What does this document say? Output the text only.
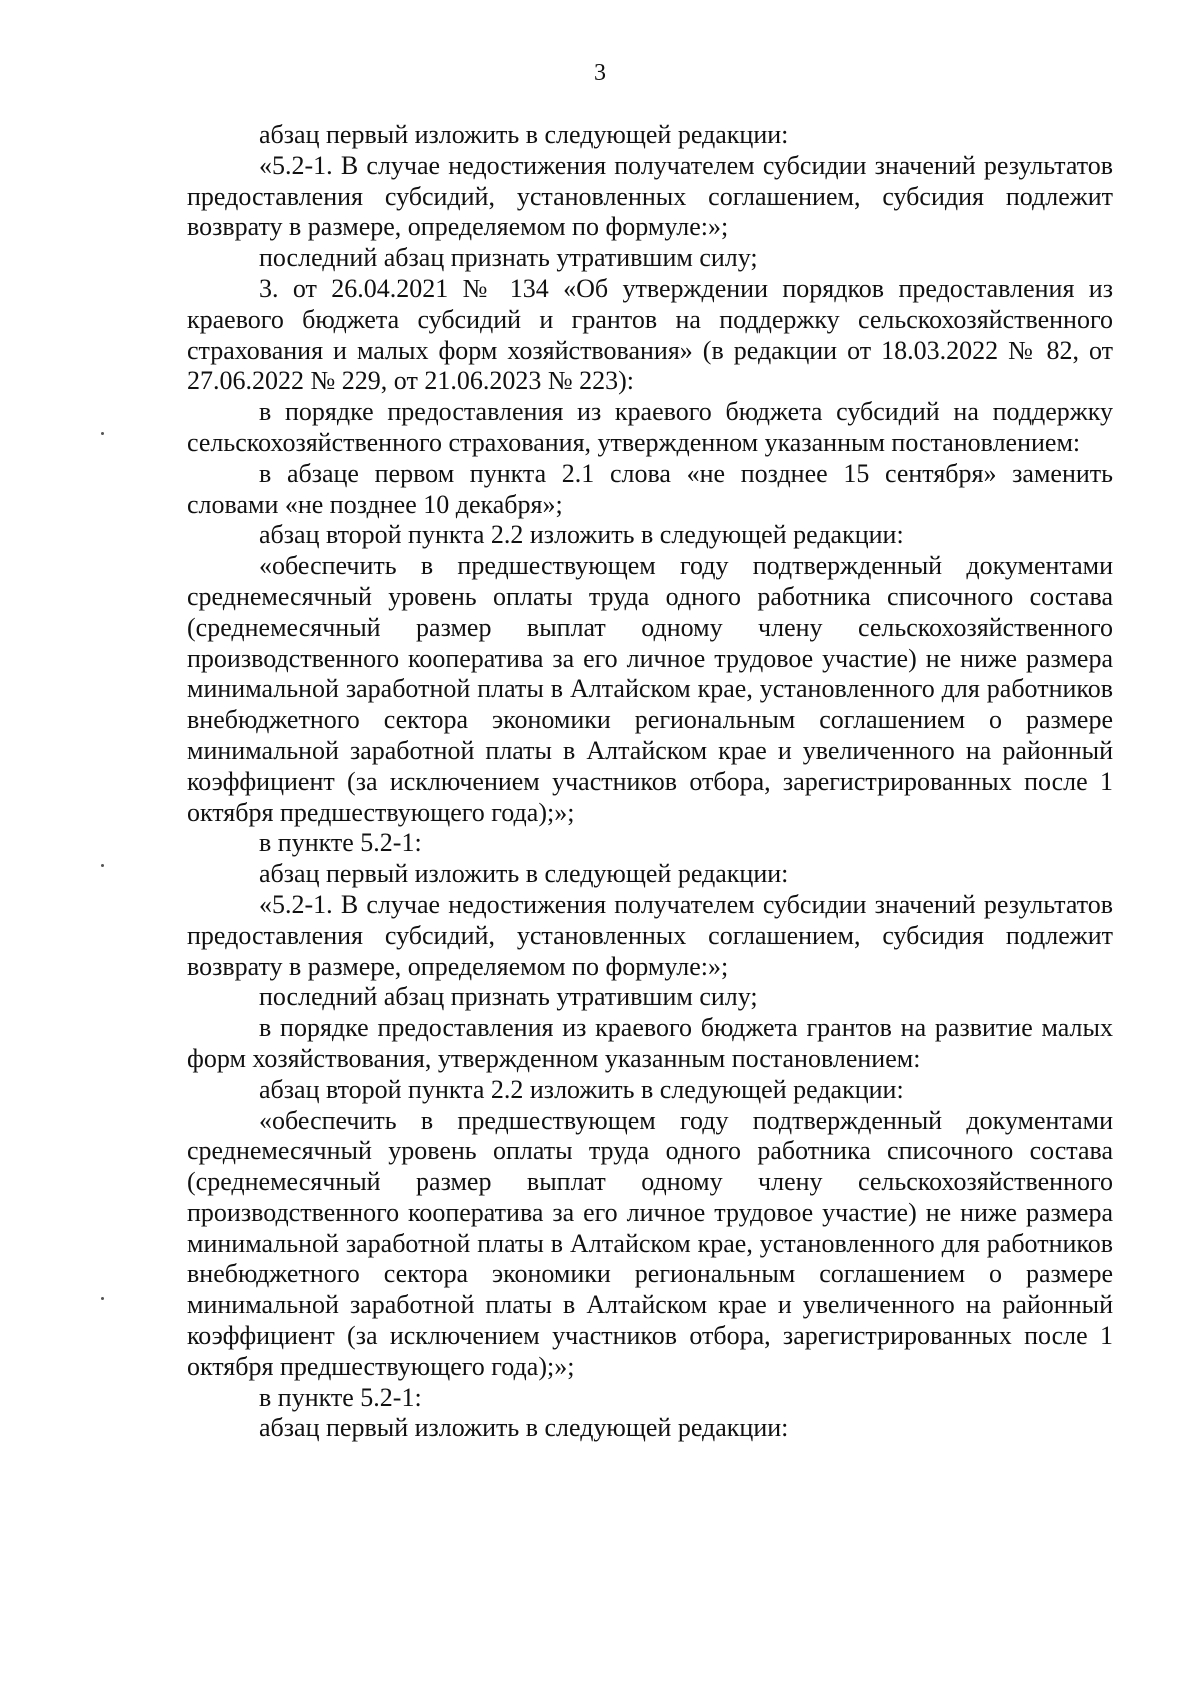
3

абзац первый изложить в следующей редакции:

«5.2-1. В случае недостижения получателем субсидии значений результатов предоставления субсидий, установленных соглашением, субсидия подлежит возврату в размере, определяемом по формуле:»;

последний абзац признать утратившим силу;

3. от 26.04.2021 № 134 «Об утверждении порядков предоставления из краевого бюджета субсидий и грантов на поддержку сельскохозяйственного страхования и малых форм хозяйствования» (в редакции от 18.03.2022 № 82, от 27.06.2022 № 229, от 21.06.2023 № 223):

в порядке предоставления из краевого бюджета субсидий на поддержку сельскохозяйственного страхования, утвержденном указанным постановлением:

в абзаце первом пункта 2.1 слова «не позднее 15 сентября» заменить словами «не позднее 10 декабря»;

абзац второй пункта 2.2 изложить в следующей редакции:

«обеспечить в предшествующем году подтвержденный документами среднемесячный уровень оплаты труда одного работника списочного состава (среднемесячный размер выплат одному члену сельскохозяйственного производственного кооператива за его личное трудовое участие) не ниже размера минимальной заработной платы в Алтайском крае, установленного для работников внебюджетного сектора экономики региональным соглашением о размере минимальной заработной платы в Алтайском крае и увеличенного на районный коэффициент (за исключением участников отбора, зарегистрированных после 1 октября предшествующего года);»;

в пункте 5.2-1:

абзац первый изложить в следующей редакции:

«5.2-1. В случае недостижения получателем субсидии значений результатов предоставления субсидий, установленных соглашением, субсидия подлежит возврату в размере, определяемом по формуле:»;

последний абзац признать утратившим силу;

в порядке предоставления из краевого бюджета грантов на развитие малых форм хозяйствования, утвержденном указанным постановлением:

абзац второй пункта 2.2 изложить в следующей редакции:

«обеспечить в предшествующем году подтвержденный документами среднемесячный уровень оплаты труда одного работника списочного состава (среднемесячный размер выплат одному члену сельскохозяйственного производственного кооператива за его личное трудовое участие) не ниже размера минимальной заработной платы в Алтайском крае, установленного для работников внебюджетного сектора экономики региональным соглашением о размере минимальной заработной платы в Алтайском крае и увеличенного на районный коэффициент (за исключением участников отбора, зарегистрированных после 1 октября предшествующего года);»;

в пункте 5.2-1:

абзац первый изложить в следующей редакции:
